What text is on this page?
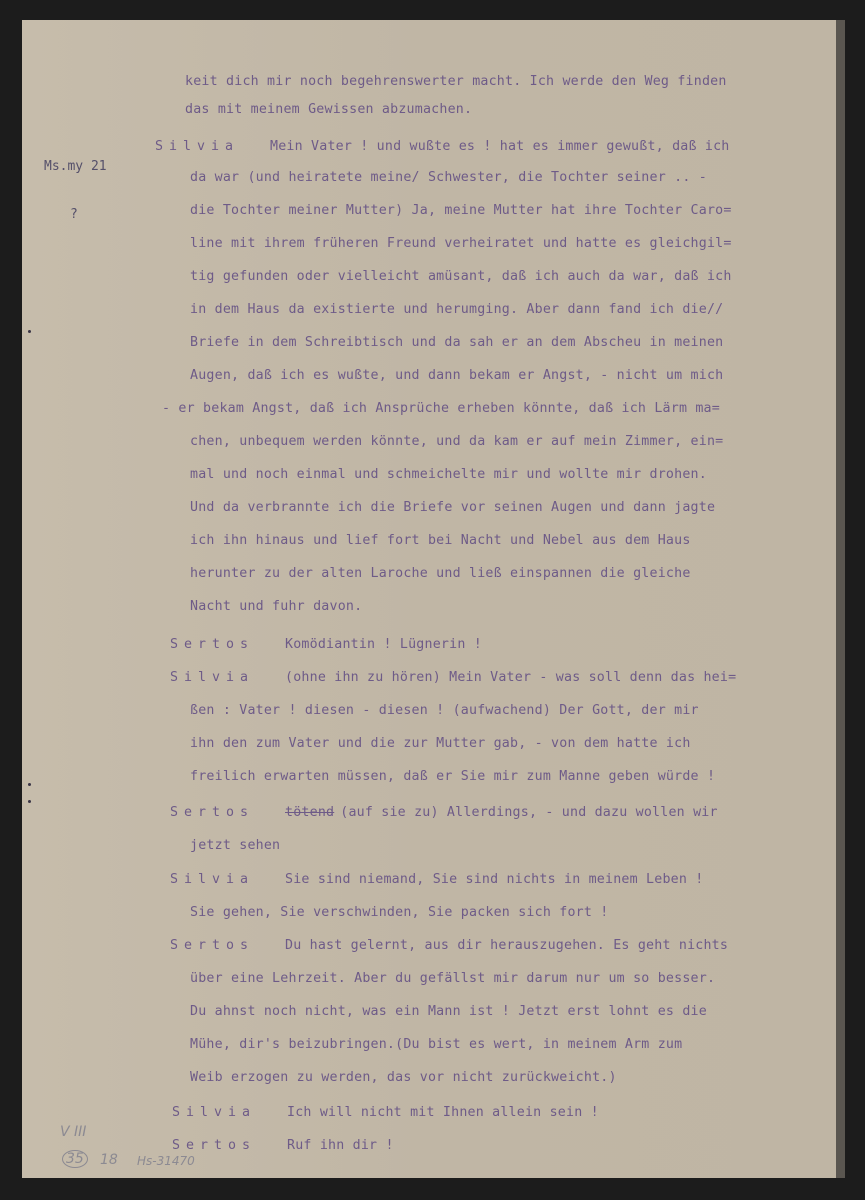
Ms.my 21
?
V III
35 18 Hs-31470
keit dich mir noch begehrenswerter macht. Ich werde den Weg finden
das mit meinem Gewissen abzumachen.
Silvia Mein Vater ! und wußte es ! hat es immer gewußt, daß ich
da war (und heiratete meine/ Schwester, die Tochter seiner .. -
die Tochter meiner Mutter) Ja, meine Mutter hat ihre Tochter Caro=
line mit ihrem früheren Freund verheiratet und hatte es gleichgil=
tig gefunden oder vielleicht amüsant, daß ich auch da war, daß ich
in dem Haus da existierte und herumging. Aber dann fand ich die//
Briefe in dem Schreibtisch und da sah er an dem Abscheu in meinen
Augen, daß ich es wußte, und dann bekam er Angst, - nicht um mich
- er bekam Angst, daß ich Ansprüche erheben könnte, daß ich Lärm ma=
chen, unbequem werden könnte, und da kam er auf mein Zimmer, ein=
mal und noch einmal und schmeichelte mir und wollte mir drohen.
Und da verbrannte ich die Briefe vor seinen Augen und dann jagte
ich ihn hinaus und lief fort bei Nacht und Nebel aus dem Haus
herunter zu der alten Laroche und ließ einspannen die gleiche
Nacht und fuhr davon.
Sertos Komödiantin ! Lügnerin !
Silvia (ohne ihn zu hören) Mein Vater - was soll denn das hei=
ßen : Vater ! diesen - diesen ! (aufwachend) Der Gott, der mir
ihn den zum Vater und die zur Mutter gab, - von dem hatte ich
freilich erwarten müssen, daß er Sie mir zum Manne geben würde !
Sertos tötend (auf sie zu) Allerdings, - und dazu wollen wir
jetzt sehen
Silvia Sie sind niemand, Sie sind nichts in meinem Leben !
Sie gehen, Sie verschwinden, Sie packen sich fort !
Sertos Du hast gelernt, aus dir herauszugehen. Es geht nichts
über eine Lehrzeit. Aber du gefällst mir darum nur um so besser.
Du ahnst noch nicht, was ein Mann ist ! Jetzt erst lohnt es die
Mühe, dir's beizubringen.(Du bist es wert, in meinem Arm zum
Weib erzogen zu werden, das vor nicht zurückweicht.)
Silvia Ich will nicht mit Ihnen allein sein !
Sertos Ruf ihn dir !
